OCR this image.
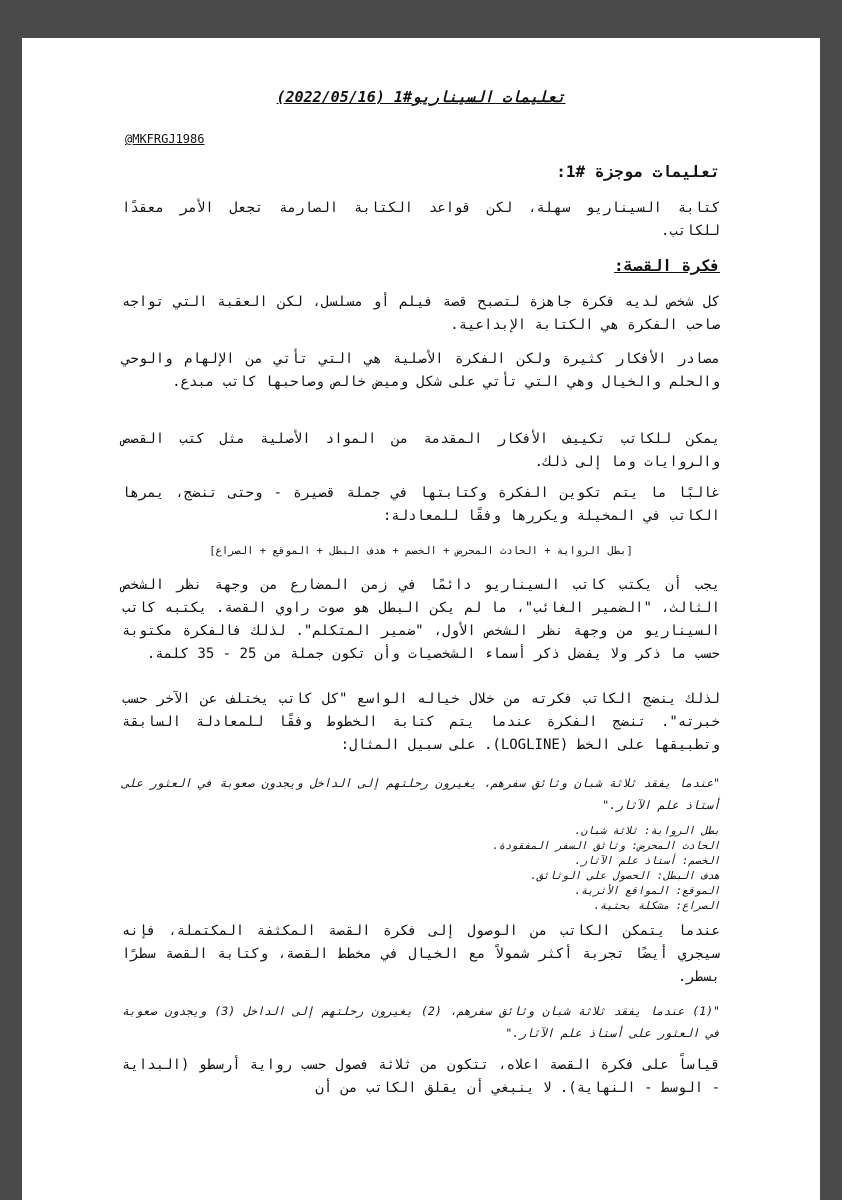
تعليمات السيناريو#1 (2022/05/16)
@MKFRGJ1986
تعليمات موجزة #1:
كتابة السيناريو سهلة، لكن قواعد الكتابة الصارمة تجعل الأمر معقدًا للكاتب.
فكرة القصة:
كل شخص لديه فكرة جاهزة لتصبح قصة فيلم أو مسلسل، لكن العقبة التي تواجه صاحب الفكرة هي الكتابة الإبداعية.
مصادر الأفكار كثيرة ولكن الفكرة الأصلية هي التي تأتي من الإلهام والوحي والحلم والخيال وهي التي تأتي على شكل وميض خالص وصاحبها كاتب مبدع.
يمكن للكاتب تكييف الأفكار المقدمة من المواد الأصلية مثل كتب القصص والروايات وما إلى ذلك.
غالبًا ما يتم تكوين الفكرة وكتابتها في جملة قصيرة - وحتى تنضج، يمرها الكاتب في المخيلة ويكررها وفقًا للمعادلة:
[بطل الرواية + الحادث المحرض + الخصم + هدف البطل + الموقع + الصراع]
يجب أن يكتب كاتب السيناريو دائمًا في زمن المضارع من وجهة نظر الشخص الثالث، "الضمير الغائب"، ما لم يكن البطل هو صوت راوي القصة. يكتبه كاتب السيناريو من وجهة نظر الشخص الأول، "ضمير المتكلم". لذلك فالفكرة مكتوبة حسب ما ذكر ولا يفضل ذكر أسماء الشخصيات وأن تكون جملة من 25 - 35 كلمة.
لذلك ينضج الكاتب فكرته من خلال خياله الواسع "كل كاتب يختلف عن الآخر حسب خبرته". تنضج الفكرة عندما يتم كتابة الخطوط وفقًا للمعادلة السابقة وتطبيقها على الخط (LOGLINE). على سبيل المثال:
"عندما يفقد ثلاثة شبان وثائق سفرهم، يغيرون رحلتهم إلى الداخل ويجدون صعوبة في العثور على أستاذ علم الآثار."
بطل الرواية: ثلاثة شبان.
الحادث المحرض: وثائق السفر المفقودة.
الخصم: أستاذ علم الآثار.
هدف البطل: الحصول على الوثائق.
الموقع: المواقع الأثرية.
الصراع: مشكلة بحثية.
عندما يتمكن الكاتب من الوصول إلى فكرة القصة المكثفة المكتملة، فإنه سيجري أيضًا تجربة أكثر شمولاً مع الخيال في مخطط القصة، وكتابة القصة سطرًا بسطر.
"(1) عندما يفقد ثلاثة شبان وثائق سفرهم، (2) يغيرون رحلتهم إلى الداخل (3) ويجدون صعوبة في العثور على أستاذ علم الآثار."
قياساً على فكرة القصة اعلاه، تتكون من ثلاثة فصول حسب رواية أرسطو (البداية - الوسط - النهاية). لا ينبغي أن يقلق الكاتب من أن
